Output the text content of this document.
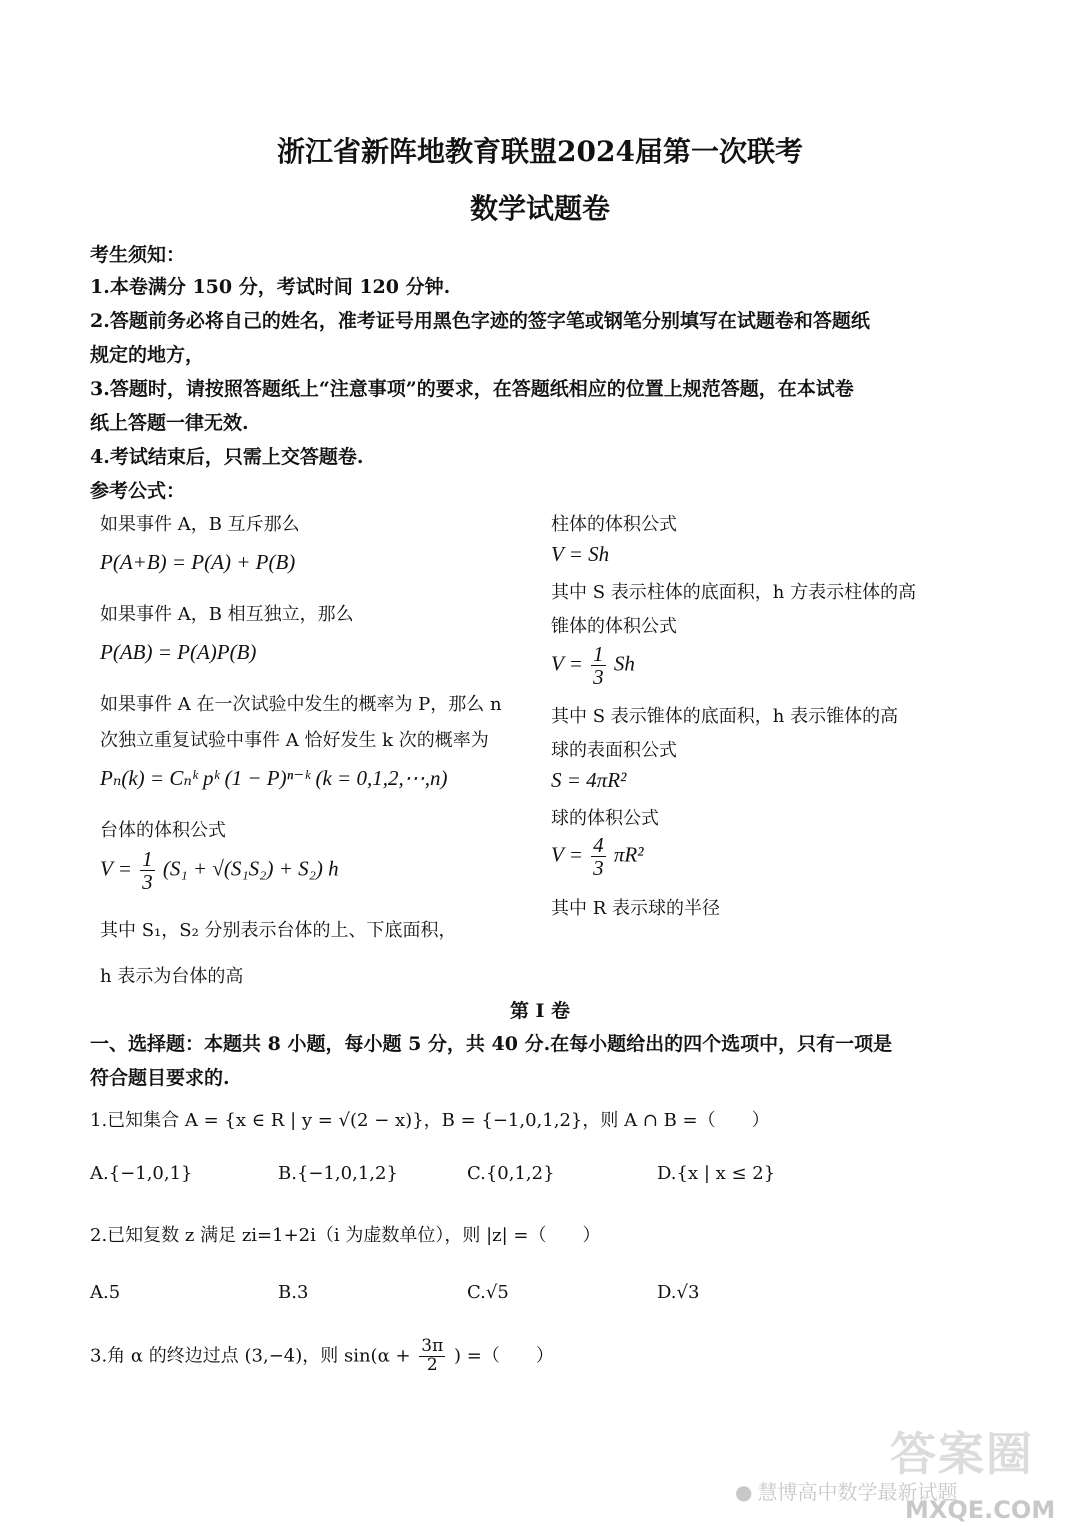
浙江省新阵地教育联盟2024届第一次联考
数学试题卷
考生须知：
1.本卷满分 150 分，考试时间 120 分钟.
2.答题前务必将自己的姓名，准考证号用黑色字迹的签字笔或钢笔分别填写在试题卷和答题纸
规定的地方，
3.答题时，请按照答题纸上“注意事项”的要求，在答题纸相应的位置上规范答题，在本试卷
纸上答题一律无效.
4.考试结束后，只需上交答题卷.
参考公式：
如果事件 A，B 互斥那么
P(A+B) = P(A) + P(B)
如果事件 A，B 相互独立，那么
P(AB) = P(A)P(B)
如果事件 A 在一次试验中发生的概率为 P，那么 n
次独立重复试验中事件 A 恰好发生 k 次的概率为
Pₙ(k) = Cₙᵏ pᵏ (1 − P)ⁿ⁻ᵏ (k = 0,1,2,⋯,n)
台体的体积公式
$V = \frac{1}{3} (S_1 + √(S_1S_2) + S_2)$ h
其中 S₁，S₂ 分别表示台体的上、下底面积，
h 表示为台体的高
柱体的体积公式
V = Sh
其中 S 表示柱体的底面积，h 方表示柱体的高
锥体的体积公式
$V = \frac{1}{3}$ Sh
其中 S 表示锥体的底面积，h 表示锥体的高
球的表面积公式
S = 4πR²
球的体积公式
$V = \frac{4}{3} \pi R^2$
其中 R 表示球的半径
第 I 卷
一、选择题：本题共 8 小题，每小题 5 分，共 40 分.在每小题给出的四个选项中，只有一项是
符合题目要求的.
1.已知集合 A = {x ∈ R | y = √(2 − x)}，B = {−1,0,1,2}，则 A ∩ B =（　　）
A.{−1,0,1}	B.{−1,0,1,2}	C.{0,1,2}	D.{x | x ≤ 2}
2.已知复数 z 满足 zi=1+2i（i 为虚数单位），则 |z| =（　　）
A.5	B.3	C.√5	D.√3
3.角 α 的终边过点 (3,−4)，则 $\sin(\alpha + \frac{3\pi}{2}$ ) =（　　）
答案圈
● 慧博高中数学最新试题
MXQE.COM
